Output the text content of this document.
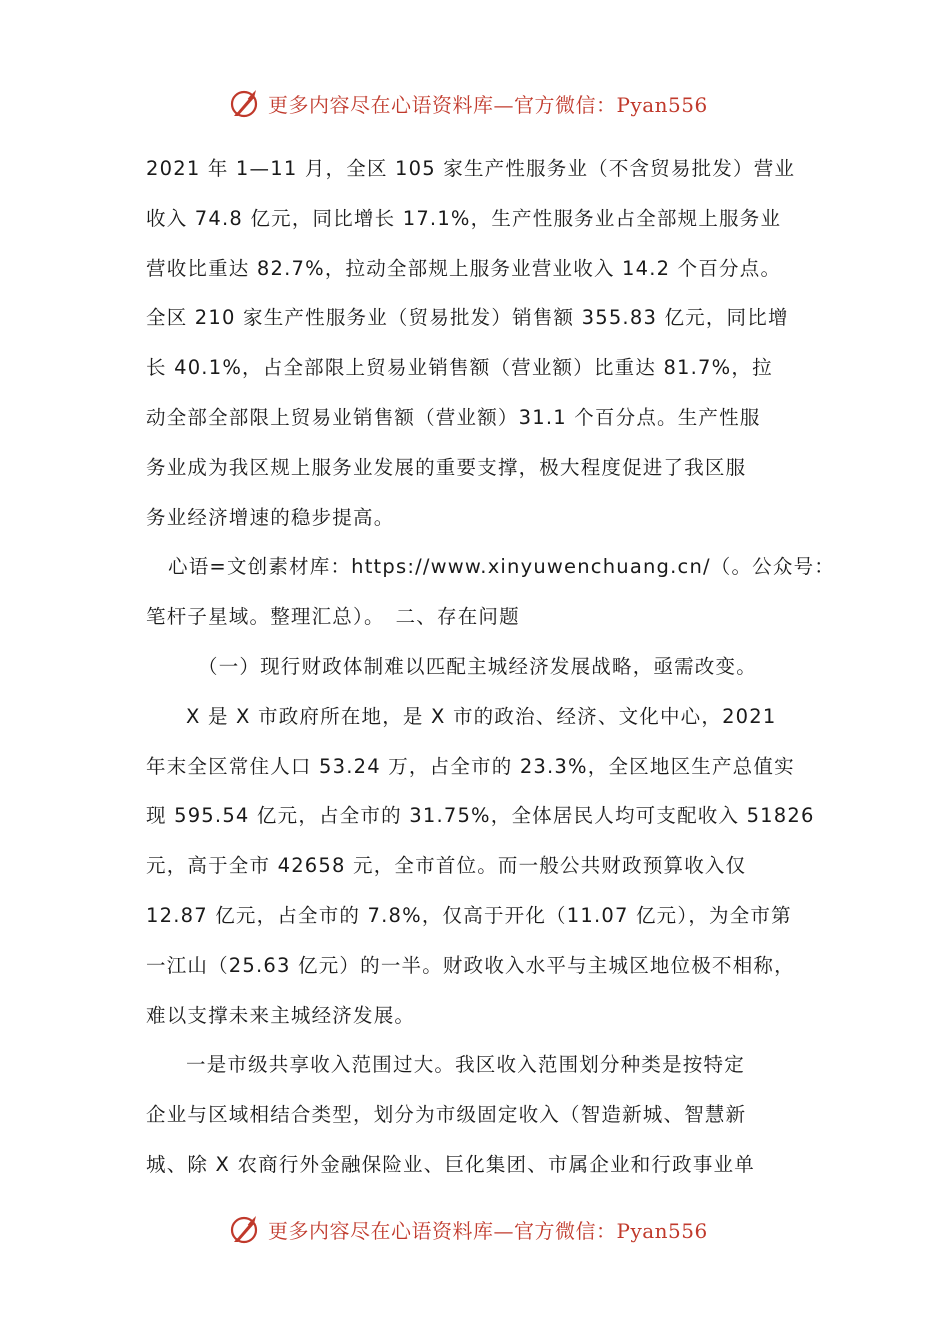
更多内容尽在心语资料库—官方微信：Pyan556
2021 年 1—11 月，全区 105 家生产性服务业（不含贸易批发）营业
收入 74.8 亿元，同比增长 17.1%，生产性服务业占全部规上服务业
营收比重达 82.7%，拉动全部规上服务业营业收入 14.2 个百分点。
全区 210 家生产性服务业（贸易批发）销售额 355.83 亿元，同比增
长 40.1%，占全部限上贸易业销售额（营业额）比重达 81.7%，拉
动全部全部限上贸易业销售额（营业额）31.1 个百分点。生产性服
务业成为我区规上服务业发展的重要支撑，极大程度促进了我区服
务业经济增速的稳步提高。
心语=文创素材库：https://www.xinyuwenchuang.cn/（。公众号：
笔杆子星域。整理汇总）。　二、存在问题
（一）现行财政体制难以匹配主城经济发展战略，亟需改变。
X 是 X 市政府所在地，是 X 市的政治、经济、文化中心，2021
年末全区常住人口 53.24 万，占全市的 23.3%，全区地区生产总值实
现 595.54 亿元，占全市的 31.75%，全体居民人均可支配收入 51826
元，高于全市 42658 元，全市首位。而一般公共财政预算收入仅
12.87 亿元，占全市的 7.8%，仅高于开化（11.07 亿元），为全市第
一江山（25.63 亿元）的一半。财政收入水平与主城区地位极不相称，
难以支撑未来主城经济发展。
一是市级共享收入范围过大。我区收入范围划分种类是按特定
企业与区域相结合类型，划分为市级固定收入（智造新城、智慧新
城、除 X 农商行外金融保险业、巨化集团、市属企业和行政事业单
更多内容尽在心语资料库—官方微信：Pyan556
